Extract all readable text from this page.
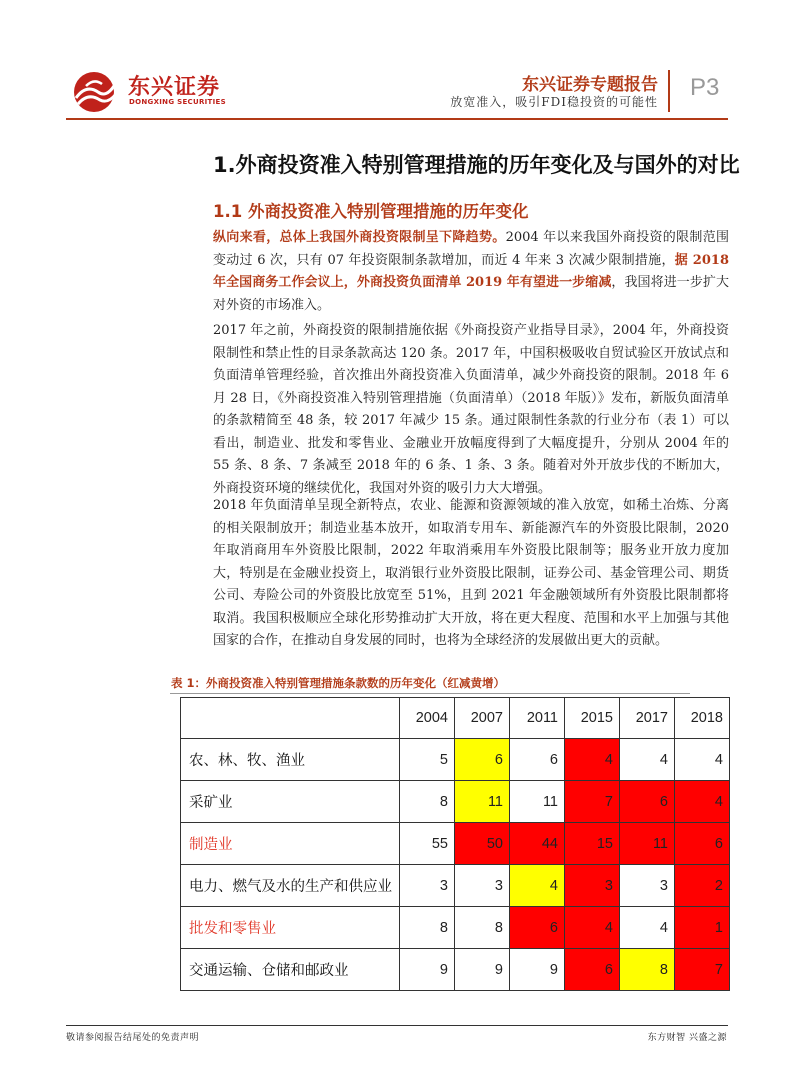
东兴证券
DONGXING SECURITIES
东兴证券专题报告
放宽准入，吸引FDI稳投资的可能性
P3
1.外商投资准入特别管理措施的历年变化及与国外的对比
1.1 外商投资准入特别管理措施的历年变化
纵向来看，总体上我国外商投资限制呈下降趋势。2004 年以来我国外商投资的限制范围变动过 6 次，只有 07 年投资限制条款增加，而近 4 年来 3 次减少限制措施，据 2018 年全国商务工作会议上，外商投资负面清单 2019 年有望进一步缩减，我国将进一步扩大对外资的市场准入。
2017 年之前，外商投资的限制措施依据《外商投资产业指导目录》，2004 年，外商投资限制性和禁止性的目录条款高达 120 条。2017 年，中国积极吸收自贸试验区开放试点和负面清单管理经验，首次推出外商投资准入负面清单，减少外商投资的限制。2018 年 6 月 28 日，《外商投资准入特别管理措施（负面清单）（2018 年版）》发布，新版负面清单的条款精简至 48 条，较 2017 年减少 15 条。通过限制性条款的行业分布（表 1）可以看出，制造业、批发和零售业、金融业开放幅度得到了大幅度提升，分别从 2004 年的 55 条、8 条、7 条减至 2018 年的 6 条、1 条、3 条。随着对外开放步伐的不断加大，外商投资环境的继续优化，我国对外资的吸引力大大增强。
2018 年负面清单呈现全新特点，农业、能源和资源领域的准入放宽，如稀土冶炼、分离的相关限制放开；制造业基本放开，如取消专用车、新能源汽车的外资股比限制，2020 年取消商用车外资股比限制，2022 年取消乘用车外资股比限制等；服务业开放力度加大，特别是在金融业投资上，取消银行业外资股比限制，证券公司、基金管理公司、期货公司、寿险公司的外资股比放宽至 51%，且到 2021 年金融领域所有外资股比限制都将取消。我国积极顺应全球化形势推动扩大开放，将在更大程度、范围和水平上加强与其他国家的合作，在推动自身发展的同时，也将为全球经济的发展做出更大的贡献。
表 1：外商投资准入特别管理措施条款数的历年变化（红减黄增）
	2004	2007	2011	2015	2017	2018
农、林、牧、渔业	5	6	6	4	4	4
采矿业	8	11	11	7	6	4
制造业	55	50	44	15	11	6
电力、燃气及水的生产和供应业	3	3	4	3	3	2
批发和零售业	8	8	6	4	4	1
交通运输、仓储和邮政业	9	9	9	6	8	7
敬请参阅报告结尾处的免责声明	东方财智 兴盛之源
